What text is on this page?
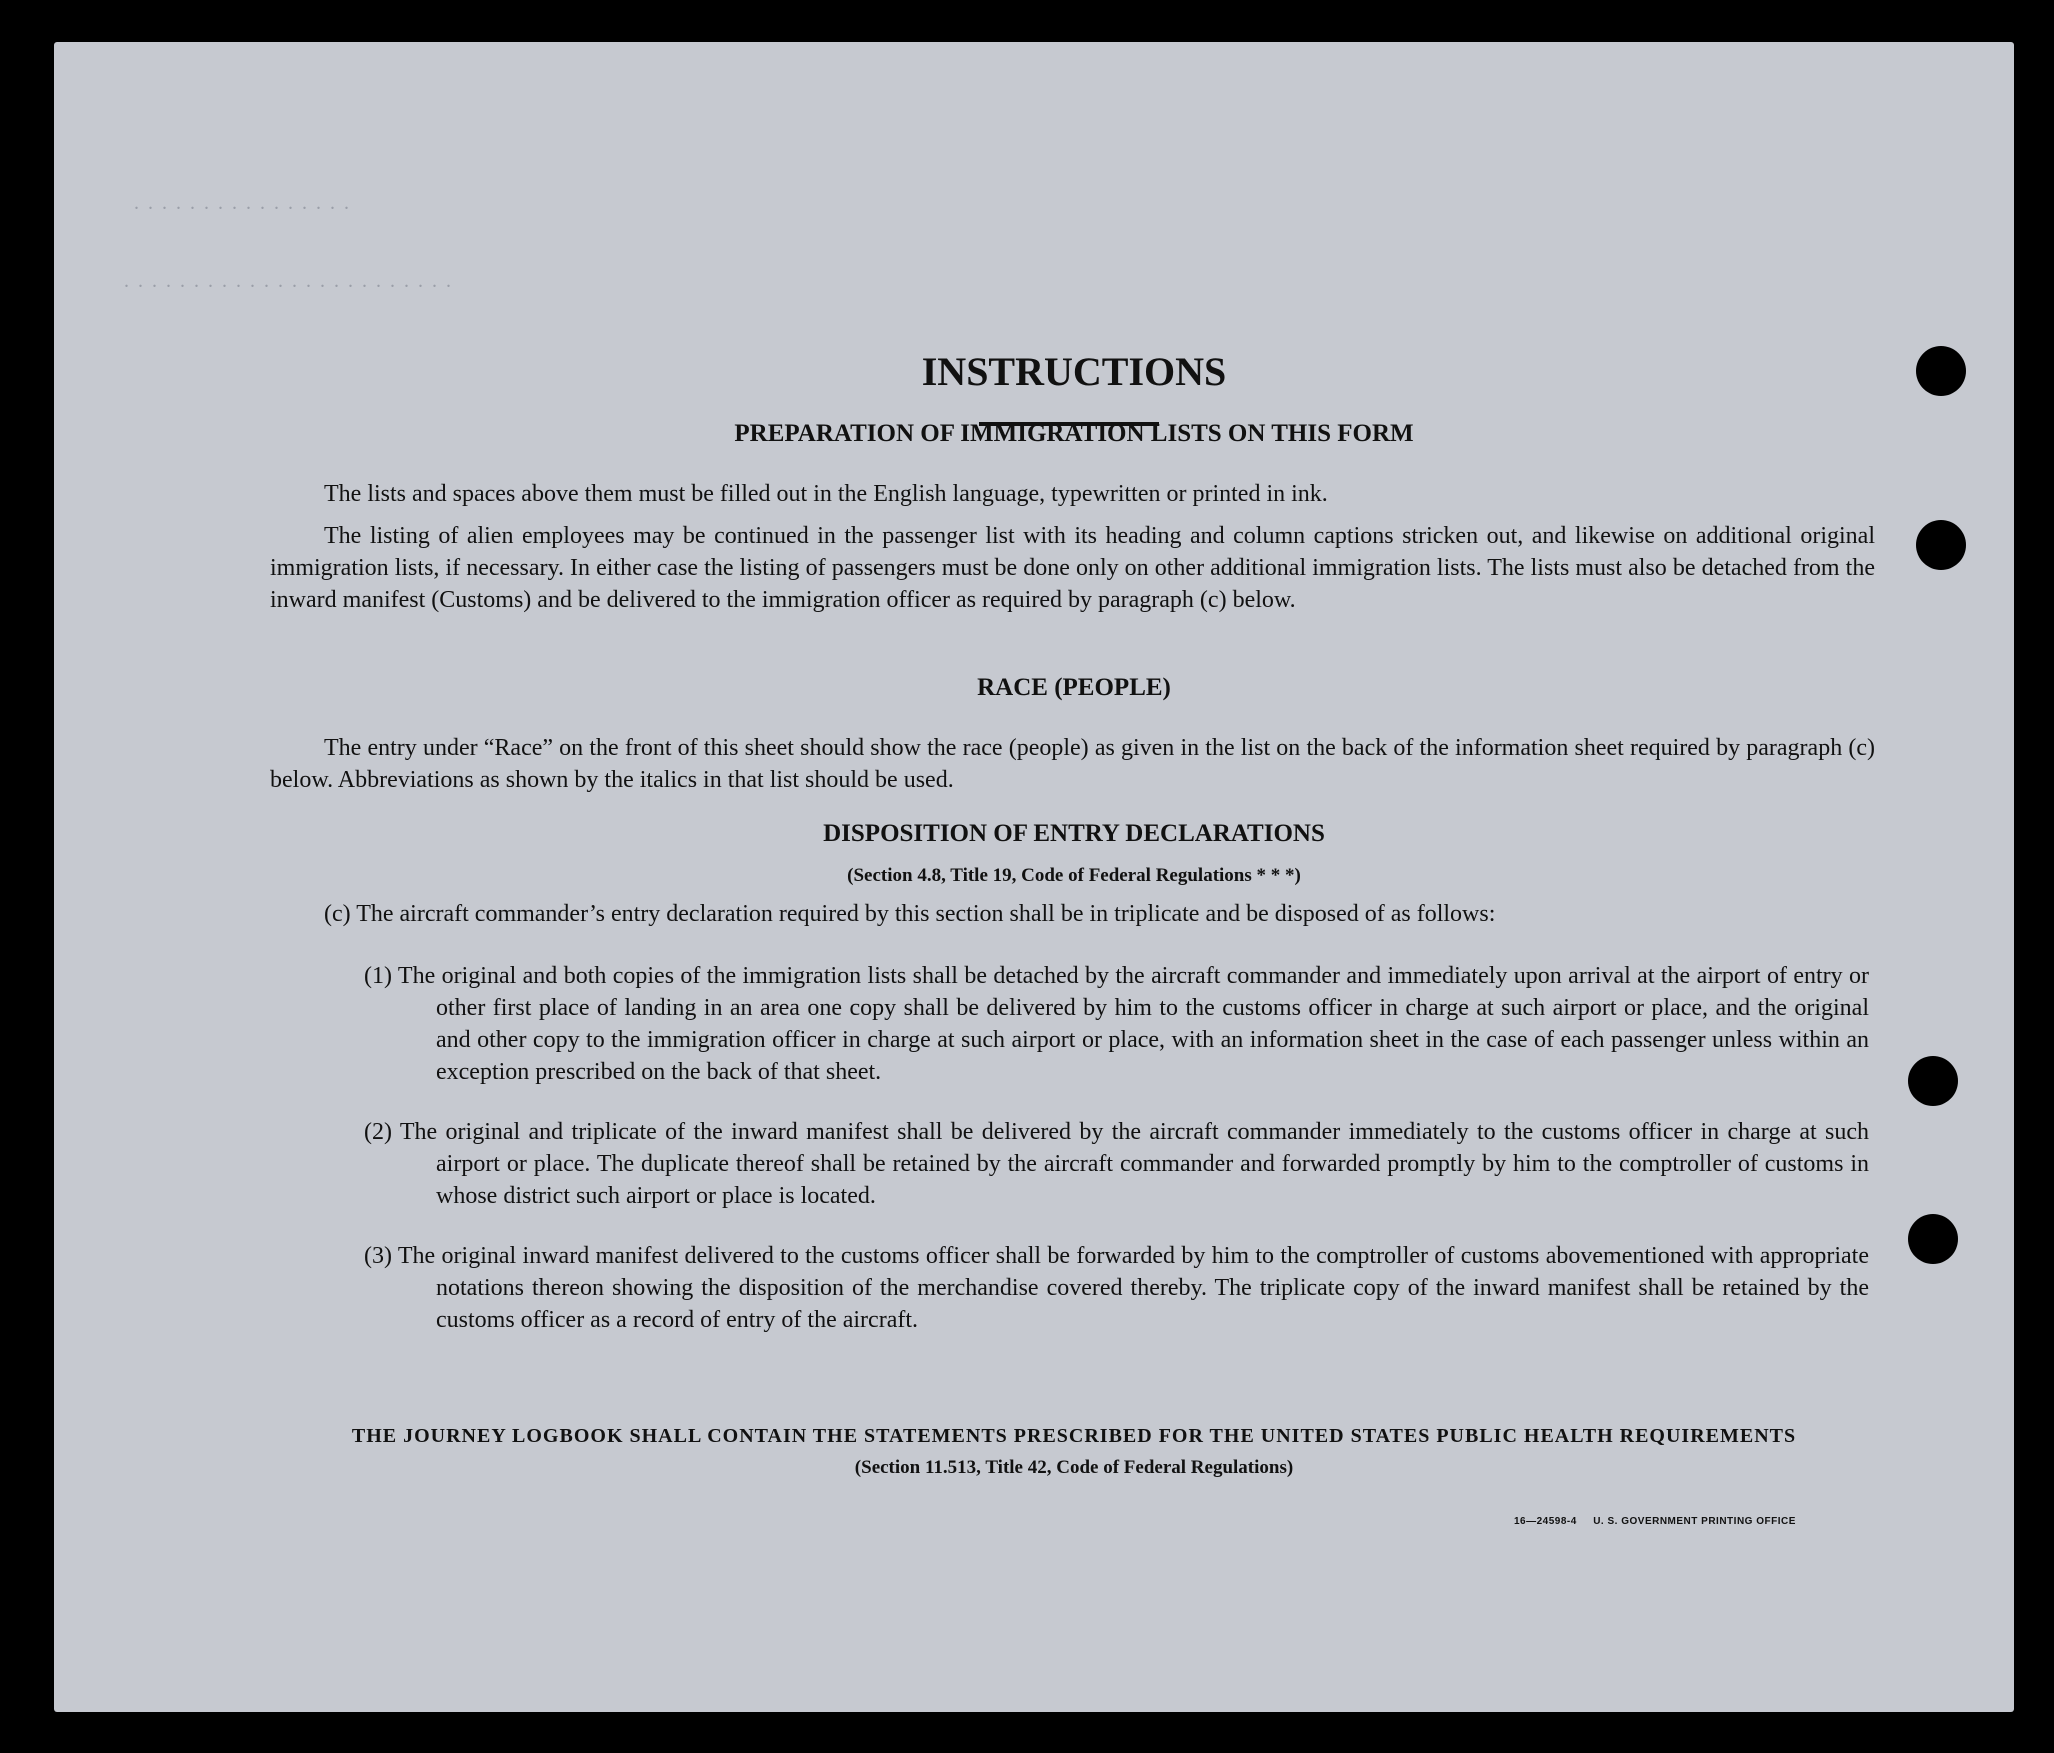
. . . . . . . . . . . . . . . .
. . . . . . . . . . . . . . . . . . . . . . . .
INSTRUCTIONS
PREPARATION OF IMMIGRATION LISTS ON THIS FORM
The lists and spaces above them must be filled out in the English language, typewritten or printed in ink.
The listing of alien employees may be continued in the passenger list with its heading and column captions stricken out, and likewise on additional original immigration lists, if necessary. In either case the listing of passengers must be done only on other additional immigration lists. The lists must also be detached from the inward manifest (Customs) and be delivered to the immigration officer as required by paragraph (c) below.
RACE (PEOPLE)
The entry under “Race” on the front of this sheet should show the race (people) as given in the list on the back of the information sheet required by paragraph (c) below. Abbreviations as shown by the italics in that list should be used.
DISPOSITION OF ENTRY DECLARATIONS
(Section 4.8, Title 19, Code of Federal Regulations * * *)
(c) The aircraft commander’s entry declaration required by this section shall be in triplicate and be disposed of as follows:
(1) The original and both copies of the immigration lists shall be detached by the aircraft commander and immediately upon arrival at the airport of entry or other first place of landing in an area one copy shall be delivered by him to the customs officer in charge at such airport or place, and the original and other copy to the immigration officer in charge at such airport or place, with an information sheet in the case of each passenger unless within an exception prescribed on the back of that sheet.
(2) The original and triplicate of the inward manifest shall be delivered by the aircraft commander immediately to the customs officer in charge at such airport or place. The duplicate thereof shall be retained by the aircraft commander and forwarded promptly by him to the comptroller of customs in whose district such airport or place is located.
(3) The original inward manifest delivered to the customs officer shall be forwarded by him to the comptroller of customs abovementioned with appropriate notations thereon showing the disposition of the merchandise covered thereby. The triplicate copy of the inward manifest shall be retained by the customs officer as a record of entry of the aircraft.
THE JOURNEY LOGBOOK SHALL CONTAIN THE STATEMENTS PRESCRIBED FOR THE UNITED STATES PUBLIC HEALTH REQUIREMENTS
(Section 11.513, Title 42, Code of Federal Regulations)
16—24598-4     U. S. GOVERNMENT PRINTING OFFICE
